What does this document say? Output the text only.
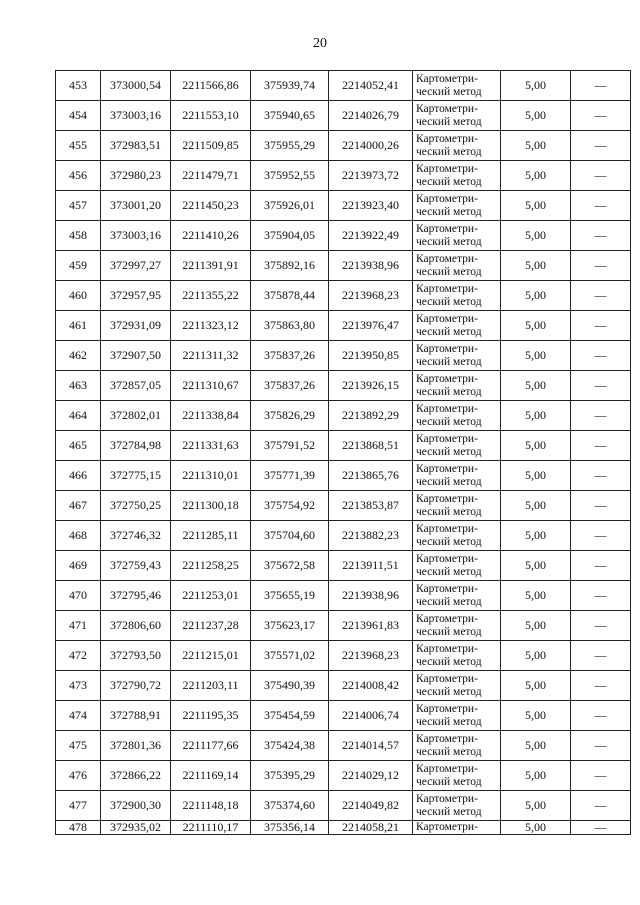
20
453	373000,54	2211566,86	375939,74	2214052,41	Картометри-ческий метод	5,00	—
454	373003,16	2211553,10	375940,65	2214026,79	Картометри-ческий метод	5,00	—
455	372983,51	2211509,85	375955,29	2214000,26	Картометри-ческий метод	5,00	—
456	372980,23	2211479,71	375952,55	2213973,72	Картометри-ческий метод	5,00	—
457	373001,20	2211450,23	375926,01	2213923,40	Картометри-ческий метод	5,00	—
458	373003,16	2211410,26	375904,05	2213922,49	Картометри-ческий метод	5,00	—
459	372997,27	2211391,91	375892,16	2213938,96	Картометри-ческий метод	5,00	—
460	372957,95	2211355,22	375878,44	2213968,23	Картометри-ческий метод	5,00	—
461	372931,09	2211323,12	375863,80	2213976,47	Картометри-ческий метод	5,00	—
462	372907,50	2211311,32	375837,26	2213950,85	Картометри-ческий метод	5,00	—
463	372857,05	2211310,67	375837,26	2213926,15	Картометри-ческий метод	5,00	—
464	372802,01	2211338,84	375826,29	2213892,29	Картометри-ческий метод	5,00	—
465	372784,98	2211331,63	375791,52	2213868,51	Картометри-ческий метод	5,00	—
466	372775,15	2211310,01	375771,39	2213865,76	Картометри-ческий метод	5,00	—
467	372750,25	2211300,18	375754,92	2213853,87	Картометри-ческий метод	5,00	—
468	372746,32	2211285,11	375704,60	2213882,23	Картометри-ческий метод	5,00	—
469	372759,43	2211258,25	375672,58	2213911,51	Картометри-ческий метод	5,00	—
470	372795,46	2211253,01	375655,19	2213938,96	Картометри-ческий метод	5,00	—
471	372806,60	2211237,28	375623,17	2213961,83	Картометри-ческий метод	5,00	—
472	372793,50	2211215,01	375571,02	2213968,23	Картометри-ческий метод	5,00	—
473	372790,72	2211203,11	375490,39	2214008,42	Картометри-ческий метод	5,00	—
474	372788,91	2211195,35	375454,59	2214006,74	Картометри-ческий метод	5,00	—
475	372801,36	2211177,66	375424,38	2214014,57	Картометри-ческий метод	5,00	—
476	372866,22	2211169,14	375395,29	2214029,12	Картометри-ческий метод	5,00	—
477	372900,30	2211148,18	375374,60	2214049,82	Картометри-ческий метод	5,00	—
478	372935,02	2211110,17	375356,14	2214058,21	Картометри-	5,00	—
